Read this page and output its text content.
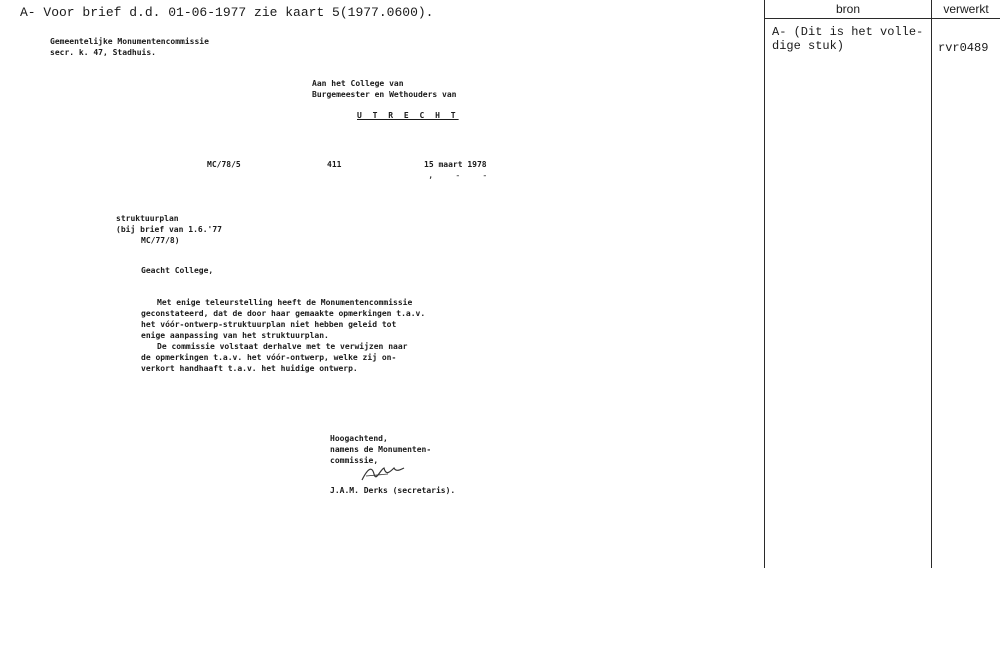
A- Voor brief d.d. 01-06-1977 zie kaart 5(1977.0600).	bron	verwerkt
A- (Dit is het volle-
dige stuk)	rvr0489
Gemeentelijke Monumentencommissie
secr. k. 47, Stadhuis.
Aan het College van
Burgemeester en Wethouders van
U T R E C H T
MC/78/5	411	15 maart 1978
,    -    -
struktuurplan
(bij brief van 1.6.'77
MC/77/8)
Geacht College,
Met enige teleurstelling heeft de Monumentencommissie
geconstateerd, dat de door haar gemaakte opmerkingen t.a.v.
het vóór-ontwerp-struktuurplan niet hebben geleid tot
enige aanpassing van het struktuurplan.
De commissie volstaat derhalve met te verwijzen naar
de opmerkingen t.a.v. het vóór-ontwerp, welke zij on-
verkort handhaaft t.a.v. het huidige ontwerp.
Hoogachtend,
namens de Monumenten-
commissie,
J.A.M. Derks (secretaris).
